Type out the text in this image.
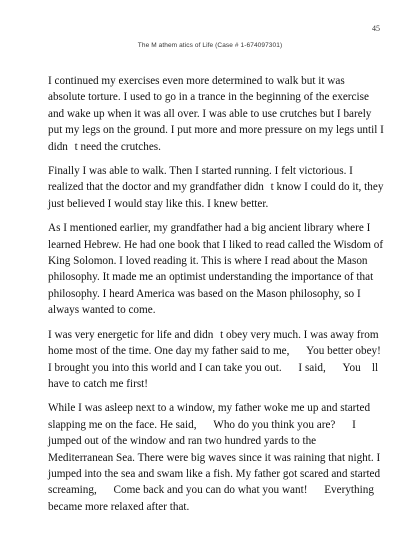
45
The M athem atics of Life (Case # 1-674097301)

I continued my exercises even more determined to walk but it was absolute torture. I used to go in a trance in the beginning of the exercise and wake up when it was all over. I was able to use crutches but I barely put my legs on the ground. I put more and more pressure on my legs until I didn   t need the crutches.

Finally I was able to walk. Then I started running. I felt victorious. I realized that the doctor and my grandfather didn   t know I could do it, they just believed I would stay like this. I knew better.

As I mentioned earlier, my grandfather had a big ancient library where I learned Hebrew. He had one book that I liked to read called the Wisdom of King Solomon. I loved reading it. This is where I read about the Mason philosophy. It made me an optimist understanding the importance of that philosophy. I heard America was based on the Mason philosophy, so I always wanted to come.

I was very energetic for life and didn   t obey very much. I was away from home most of the time. One day my father said to me,  You better obey! I brought you into this world and I can take you out.  I said,  You ll have to catch me first!

While I was asleep next to a window, my father woke me up and started slapping me on the face. He said,  Who do you think you are?  I jumped out of the window and ran two hundred yards to the Mediterranean Sea. There were big waves since it was raining that night. I jumped into the sea and swam like a fish. My father got scared and started screaming,  Come back and you can do what you want!  Everything became more relaxed after that.
